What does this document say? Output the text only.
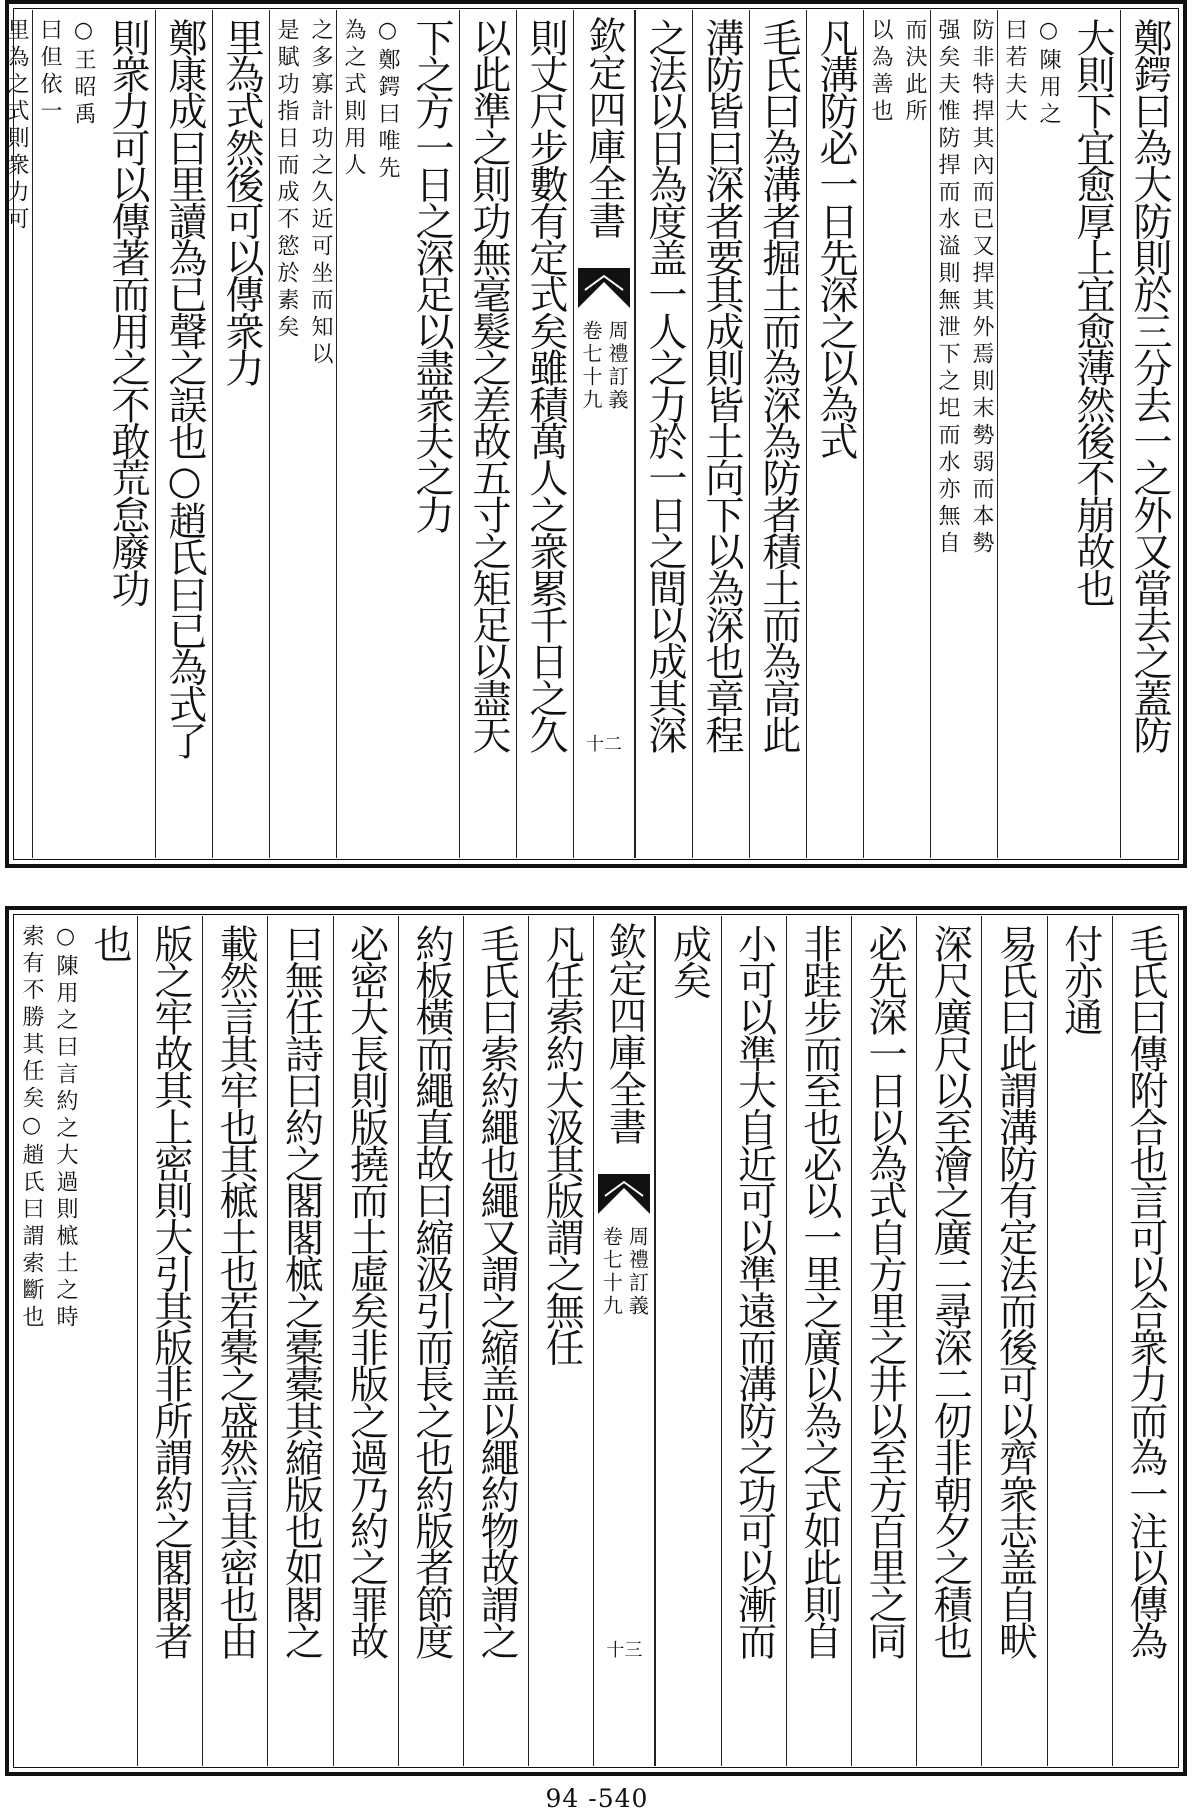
鄭鍔曰為大防則於三分去一之外又當去之蓋防
大則下宜愈厚上宜愈薄然後不崩故也
○陳用之
曰若夫大
防非特捍其內而已又捍其外焉則末勢弱而本勢
强矣夫惟防捍而水溢則無泄下之圯而水亦無自
而決此所
以為善也
凡溝防必一日先深之以為式
毛氏曰為溝者掘土而為深為防者積土而為高此
溝防皆曰深者要其成則皆土向下以為深也章程
之法以日為度盖一人之力於一日之間以成其深
欽定四庫全書
周禮訂義
卷七十九
十二
則丈尺步數有定式矣雖積萬人之衆累千日之久
以此準之則功無毫髮之差故五寸之矩足以盡天
下之方一日之深足以盡衆夫之力
○鄭鍔曰唯先
為之式則用人
之多寡計功之久近可坐而知以
是賦功指日而成不慾於素矣
里為式然後可以傳衆力
鄭康成曰里讀為已聲之誤也○趙氏曰已為式了
則衆力可以傳著而用之不敢荒怠廢功
○王昭禹
曰但依一
里為之式則衆力可
毛氏曰傳附合也言可以合衆力而為一注以傳為
付亦通
易氏曰此謂溝防有定法而後可以齊衆志盖自畎
深尺廣尺以至澮之廣二尋深二仞非朝夕之積也
必先深一日以為式自方里之井以至方百里之同
非跬步而至也必以一里之廣以為之式如此則自
小可以準大自近可以準遠而溝防之功可以漸而
成矣
欽定四庫全書
周禮訂義
卷七十九
十三
凡任索約大汲其版謂之無任
毛氏曰索約繩也繩又謂之縮盖以繩約物故謂之
約板橫而繩直故曰縮汲引而長之也約版者節度
必密大長則版撓而土虛矣非版之過乃約之罪故
曰無任詩曰約之閣閣㭽之橐橐其縮版也如閣之
載然言其牢也其㭽土也若橐之盛然言其密也由
版之牢故其上密則大引其版非所謂約之閣閣者
也
○陳用之曰言約之大過則㭽土之時
索有不勝其任矣○趙氏曰謂索斷也
94 -540
